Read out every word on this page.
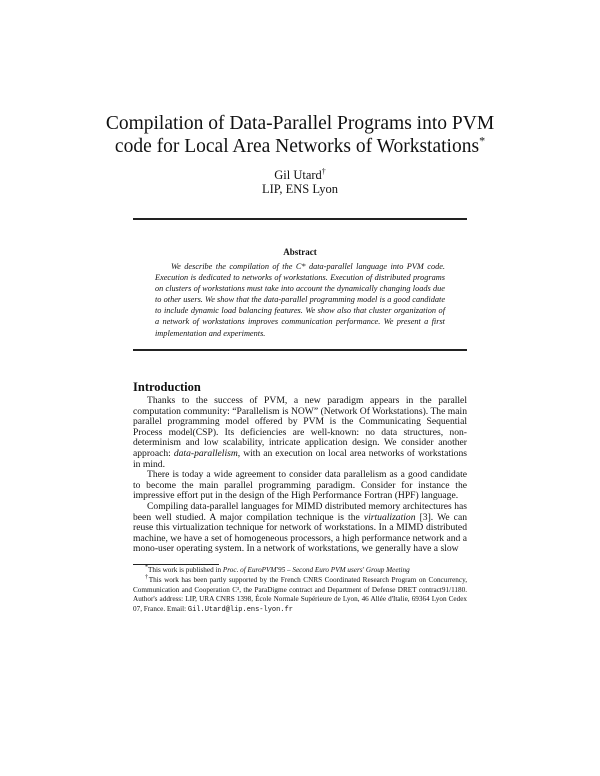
Compilation of Data-Parallel Programs into PVM
code for Local Area Networks of Workstations*
Gil Utard†
LIP, ENS Lyon
Abstract

We describe the compilation of the C* data-parallel language into PVM code. Execution is dedicated to networks of workstations. Execution of distributed programs on clusters of workstations must take into account the dynamically changing loads due to other users. We show that the data-parallel programming model is a good candidate to include dynamic load balancing features. We show also that cluster organization of a network of workstations improves communication performance. We present a first implementation and experiments.

Introduction

Thanks to the success of PVM, a new paradigm appears in the parallel computation community: “Parallelism is NOW” (Network Of Workstations). The main parallel programming model offered by PVM is the Communicating Sequential Process model(CSP). Its deficiencies are well-known: no data structures, non-determinism and low scalability, intricate application design. We consider another approach: data-parallelism, with an execution on local area networks of workstations in mind.

There is today a wide agreement to consider data parallelism as a good candidate to become the main parallel programming paradigm. Consider for instance the impressive effort put in the design of the High Performance Fortran (HPF) language.

Compiling data-parallel languages for MIMD distributed memory architectures has been well studied. A major compilation technique is the virtualization [3]. We can reuse this virtualization technique for network of workstations. In a MIMD distributed machine, we have a set of homogeneous processors, a high performance network and a mono-user operating system. In a network of workstations, we generally have a slow

*This work is published in Proc. of EuroPVM'95 – Second Euro PVM users' Group Meeting

†This work has been partly supported by the French CNRS Coordinated Research Program on Concurrency, Communication and Cooperation C³, the ParaDigme contract and Department of Defense DRET contract91/1180. Author's address: LIP, URA CNRS 1398, École Normale Supérieure de Lyon, 46 Allée d'Italie, 69364 Lyon Cedex 07, France. Email: Gil.Utard@lip.ens-lyon.fr
